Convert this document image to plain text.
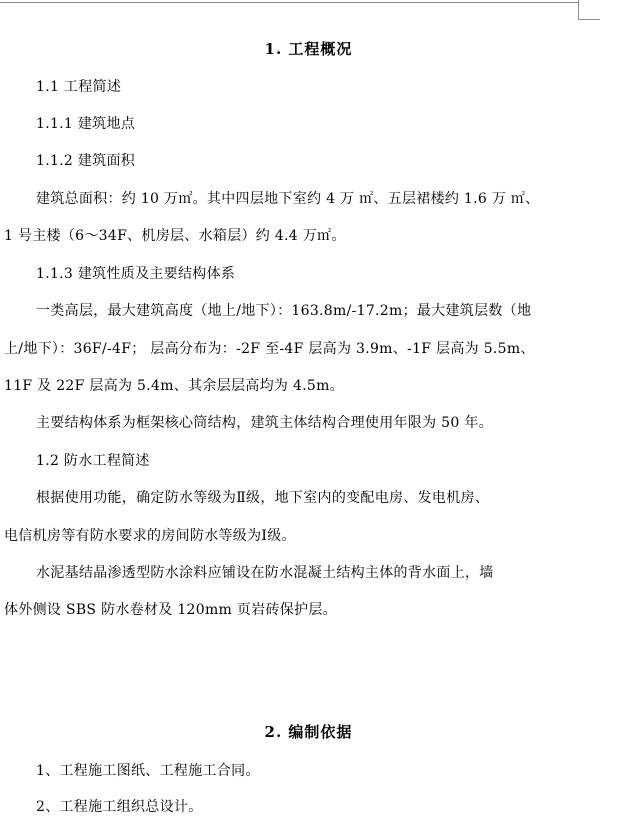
1. 工程概况
1.1 工程简述
1.1.1 建筑地点
1.1.2 建筑面积
建筑总面积：约 10 万㎡。其中四层地下室约 4 万 ㎡、五层裙楼约 1.6 万 ㎡、
1 号主楼（6～34F、机房层、水箱层）约 4.4 万㎡。
1.1.3 建筑性质及主要结构体系
一类高层，最大建筑高度（地上/地下）：163.8m/-17.2m；最大建筑层数（地
上/地下）：36F/-4F； 层高分布为：-2F 至-4F 层高为 3.9m、-1F 层高为 5.5m、
11F 及 22F 层高为 5.4m、其余层层高均为 4.5m。
主要结构体系为框架核心筒结构，建筑主体结构合理使用年限为 50 年。
1.2 防水工程简述
根据使用功能，确定防水等级为Ⅱ级，地下室内的变配电房、发电机房、
电信机房等有防水要求的房间防水等级为Ⅰ级。
水泥基结晶渗透型防水涂料应铺设在防水混凝土结构主体的背水面上，墙
体外侧设 SBS 防水卷材及 120mm 页岩砖保护层。
2. 编制依据
1、工程施工图纸、工程施工合同。
2、工程施工组织总设计。
